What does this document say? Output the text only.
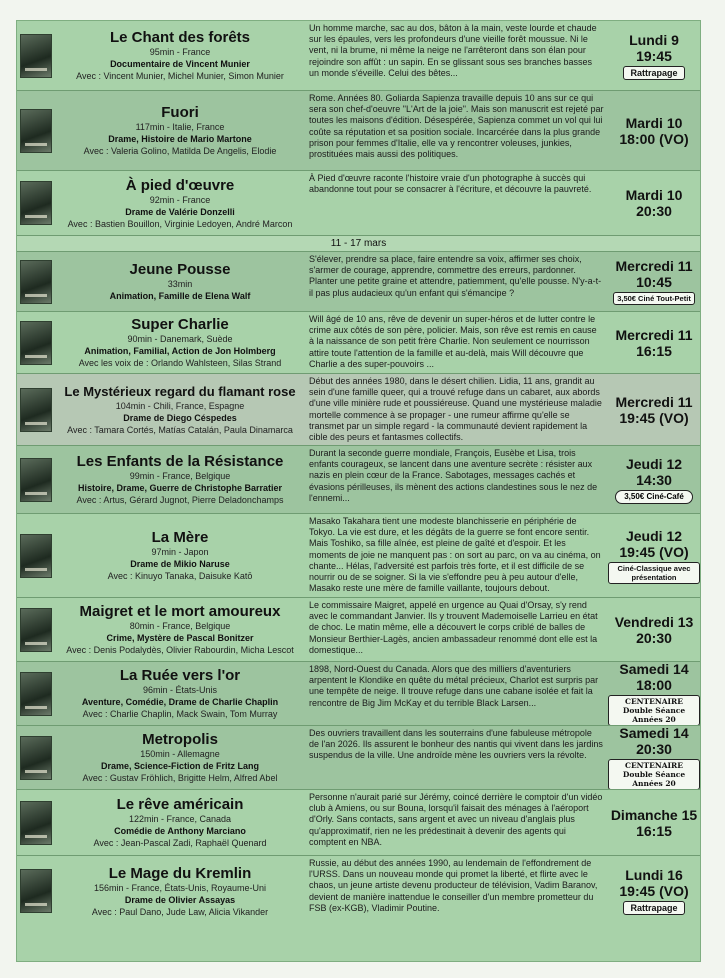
Le Chant des forêts
95min - France
Documentaire de Vincent Munier
Avec : Vincent Munier, Michel Munier, Simon Munier
Un homme marche, sac au dos, bâton à la main, veste lourde et chaude sur les épaules, vers les profondeurs d'une vieille forêt moussue. Ni le vent, ni la brume, ni même la neige ne l'arrêteront dans son élan pour rejoindre son affût : un sapin. En se glissant sous ses branches basses un monde s'éveille. Celui des bêtes...
Lundi 9
19:45
Rattrapage
Fuori
117min - Italie, France
Drame, Histoire de Mario Martone
Avec : Valeria Golino, Matilda De Angelis, Elodie
Rome. Années 80. Goliarda Sapienza travaille depuis 10 ans sur ce qui sera son chef-d'oeuvre "L'Art de la joie". Mais son manuscrit est rejeté par toutes les maisons d'édition. Désespérée, Sapienza commet un vol qui lui coûte sa réputation et sa position sociale. Incarcérée dans la plus grande prison pour femmes d'Italie, elle va y rencontrer voleuses, junkies, prostituées mais aussi des politiques.
Mardi 10
18:00 (VO)
À pied d'œuvre
92min - France
Drame de Valérie Donzelli
Avec : Bastien Bouillon, Virginie Ledoyen, André Marcon
À Pied d'œuvre raconte l'histoire vraie d'un photographe à succès qui abandonne tout pour se consacrer à l'écriture, et découvre la pauvreté.	Mardi 10
20:30
11 - 17 mars
Jeune Pousse
33min
Animation, Famille de Elena Walf
S'élever, prendre sa place, faire entendre sa voix, affirmer ses choix, s'armer de courage, apprendre, commettre des erreurs, pardonner. Planter une petite graine et attendre, patiemment, qu'elle pousse. N'y-a-t-il pas plus audacieux qu'un enfant qui s'émancipe ?
Mercredi 11
10:45
3,50€ Ciné Tout-Petit
Super Charlie
90min - Danemark, Suède
Animation, Familial, Action de Jon Holmberg
Avec les voix de : Orlando Wahlsteen, Silas Strand
Will âgé de 10 ans, rêve de devenir un super-héros et de lutter contre le crime aux côtés de son père, policier. Mais, son rêve est remis en cause à la naissance de son petit frère Charlie. Non seulement ce nourrisson attire toute l'attention de la famille et au-delà, mais Will découvre que Charlie a des super-pouvoirs ...
Mercredi 11
16:15
Le Mystérieux regard du flamant rose
104min - Chili, France, Espagne
Drame de Diego Céspedes
Avec : Tamara Cortés, Matías Catalán, Paula Dinamarca
Début des années 1980, dans le désert chilien. Lidia, 11 ans, grandit au sein d'une famille queer, qui a trouvé refuge dans un cabaret, aux abords d'une ville minière rude et poussiéreuse. Quand une mystérieuse maladie mortelle commence à se propager - une rumeur affirme qu'elle se transmet par un simple regard - la communauté devient rapidement la cible des peurs et fantasmes collectifs.
Mercredi 11
19:45 (VO)
Les Enfants de la Résistance
99min - France, Belgique
Histoire, Drame, Guerre de Christophe Barratier
Avec : Artus, Gérard Jugnot, Pierre Deladonchamps
Durant la seconde guerre mondiale, François, Eusèbe et Lisa, trois enfants courageux, se lancent dans une aventure secrète : résister aux nazis en plein cœur de la France. Sabotages, messages cachés et évasions périlleuses, ils mènent des actions clandestines sous le nez de l'ennemi...
Jeudi 12
14:30
3,50€ Ciné-Café
La Mère
97min - Japon
Drame de Mikio Naruse
Avec : Kinuyo Tanaka, Daisuke Katō
Masako Takahara tient une modeste blanchisserie en périphérie de Tokyo. La vie est dure, et les dégâts de la guerre se font encore sentir. Mais Toshiko, sa fille aînée, est pleine de gaîté et d'espoir. Et les moments de joie ne manquent pas : on sort au parc, on va au cinéma, on chante... Hélas, l'adversité est parfois très forte, et il est difficile de se nourrir ou de se soigner. Si la vie s'effondre peu à peu autour d'elle, Masako reste une mère de famille vaillante, toujours debout.
Jeudi 12
19:45 (VO)
Ciné-Classique avec présentation
Maigret et le mort amoureux
80min - France, Belgique
Crime, Mystère de Pascal Bonitzer
Avec : Denis Podalydès, Olivier Rabourdin, Micha Lescot
Le commissaire Maigret, appelé en urgence au Quai d'Orsay, s'y rend avec le commandant Janvier. Ils y trouvent Mademoiselle Larrieu en état de choc. Le matin même, elle a découvert le corps criblé de balles de Monsieur Berthier-Lagès, ancien ambassadeur renommé dont elle est la domestique...
Vendredi 13
20:30
La Ruée vers l'or
96min - États-Unis
Aventure, Comédie, Drame de Charlie Chaplin
Avec : Charlie Chaplin, Mack Swain, Tom Murray
1898, Nord-Ouest du Canada. Alors que des milliers d'aventuriers arpentent le Klondike en quête du métal précieux, Charlot est surpris par une tempête de neige. Il trouve refuge dans une cabane isolée et fait la rencontre de Big Jim McKay et du terrible Black Larsen...
Samedi 14
18:00
CENTENAIRE Double Séance Années 20
Metropolis
150min - Allemagne
Drame, Science-Fiction de Fritz Lang
Avec : Gustav Fröhlich, Brigitte Helm, Alfred Abel
Des ouvriers travaillent dans les souterrains d'une fabuleuse métropole de l'an 2026. Ils assurent le bonheur des nantis qui vivent dans les jardins suspendus de la ville. Une androïde mène les ouvriers vers la révolte.
Samedi 14
20:30
CENTENAIRE Double Séance Années 20
Le rêve américain
122min - France, Canada
Comédie de Anthony Marciano
Avec : Jean-Pascal Zadi, Raphaël Quenard
Personne n'aurait parié sur Jérémy, coincé derrière le comptoir d'un vidéo club à Amiens, ou sur Bouna, lorsqu'il faisait des ménages à l'aéroport d'Orly. Sans contacts, sans argent et avec un niveau d'anglais plus qu'approximatif, rien ne les prédestinait à devenir des agents qui comptent en NBA.
Dimanche 15
16:15
Le Mage du Kremlin
156min - France, États-Unis, Royaume-Uni
Drame de Olivier Assayas
Avec : Paul Dano, Jude Law, Alicia Vikander
Russie, au début des années 1990, au lendemain de l'effondrement de l'URSS. Dans un nouveau monde qui promet la liberté, et flirte avec le chaos, un jeune artiste devenu producteur de télévision, Vadim Baranov, devient de manière inattendue le conseiller d'un membre prometteur du FSB (ex-KGB), Vladimir Poutine.
Lundi 16
19:45 (VO)
Rattrapage
